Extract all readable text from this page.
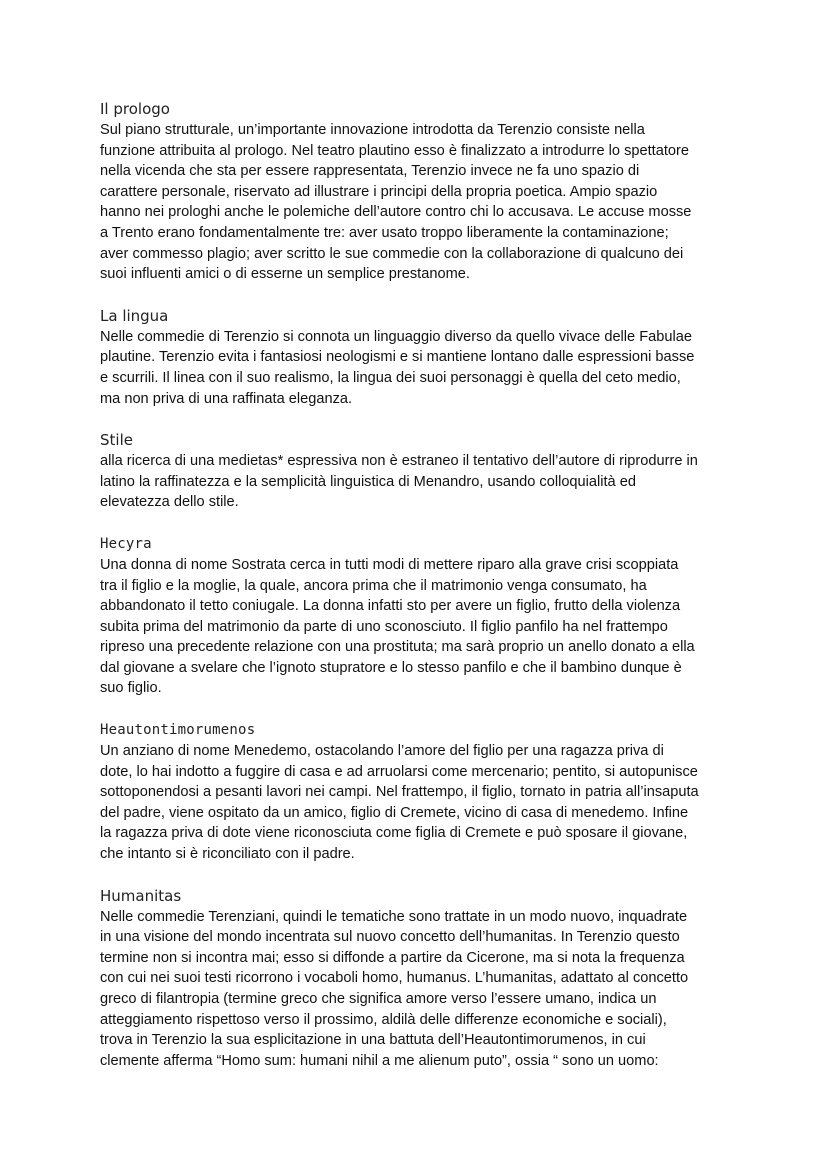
Il prologo
Sul piano strutturale, un’importante innovazione introdotta da Terenzio consiste nella
funzione attribuita al prologo. Nel teatro plautino esso è finalizzato a introdurre lo spettatore
nella vicenda che sta per essere rappresentata, Terenzio invece ne fa uno spazio di
carattere personale, riservato ad illustrare i principi della propria poetica. Ampio spazio
hanno nei prologhi anche le polemiche dell’autore contro chi lo accusava. Le accuse mosse
a Trento erano fondamentalmente tre: aver usato troppo liberamente la contaminazione;
aver commesso plagio; aver scritto le sue commedie con la collaborazione di qualcuno dei
suoi influenti amici o di esserne un semplice prestanome.
La lingua
Nelle commedie di Terenzio si connota un linguaggio diverso da quello vivace delle Fabulae
plautine. Terenzio evita i fantasiosi neologismi e si mantiene lontano dalle espressioni basse
e scurrili. Il linea con il suo realismo, la lingua dei suoi personaggi è quella del ceto medio,
ma non priva di una raffinata eleganza.
Stile
alla ricerca di una medietas* espressiva non è estraneo il tentativo dell’autore di riprodurre in
latino la raffinatezza e la semplicità linguistica di Menandro, usando colloquialità ed
elevatezza dello stile.
Hecyra
Una donna di nome Sostrata cerca in tutti modi di mettere riparo alla grave crisi scoppiata
tra il figlio e la moglie, la quale, ancora prima che il matrimonio venga consumato, ha
abbandonato il tetto coniugale. La donna infatti sto per avere un figlio, frutto della violenza
subita prima del matrimonio da parte di uno sconosciuto. Il figlio panfilo ha nel frattempo
ripreso una precedente relazione con una prostituta; ma sarà proprio un anello donato a ella
dal giovane a svelare che l’ignoto stupratore e lo stesso panfilo e che il bambino dunque è
suo figlio.
Heautontimorumenos
Un anziano di nome Menedemo, ostacolando l’amore del figlio per una ragazza priva di
dote, lo hai indotto a fuggire di casa e ad arruolarsi come mercenario; pentito, si autopunisce
sottoponendosi a pesanti lavori nei campi. Nel frattempo, il figlio, tornato in patria all’insaputa
del padre, viene ospitato da un amico, figlio di Cremete, vicino di casa di menedemo. Infine
la ragazza priva di dote viene riconosciuta come figlia di Cremete e può sposare il giovane,
che intanto si è riconciliato con il padre.
Humanitas
Nelle commedie Terenziani, quindi le tematiche sono trattate in un modo nuovo, inquadrate
in una visione del mondo incentrata sul nuovo concetto dell’humanitas. In Terenzio questo
termine non si incontra mai; esso si diffonde a partire da Cicerone, ma si nota la frequenza
con cui nei suoi testi ricorrono i vocaboli homo, humanus. L’humanitas, adattato al concetto
greco di filantropia (termine greco che significa amore verso l’essere umano, indica un
atteggiamento rispettoso verso il prossimo, aldilà delle differenze economiche e sociali),
trova in Terenzio la sua esplicitazione in una battuta dell’Heautontimorumenos, in cui
clemente afferma “Homo sum: humani nihil a me alienum puto”, ossia “ sono un uomo:
